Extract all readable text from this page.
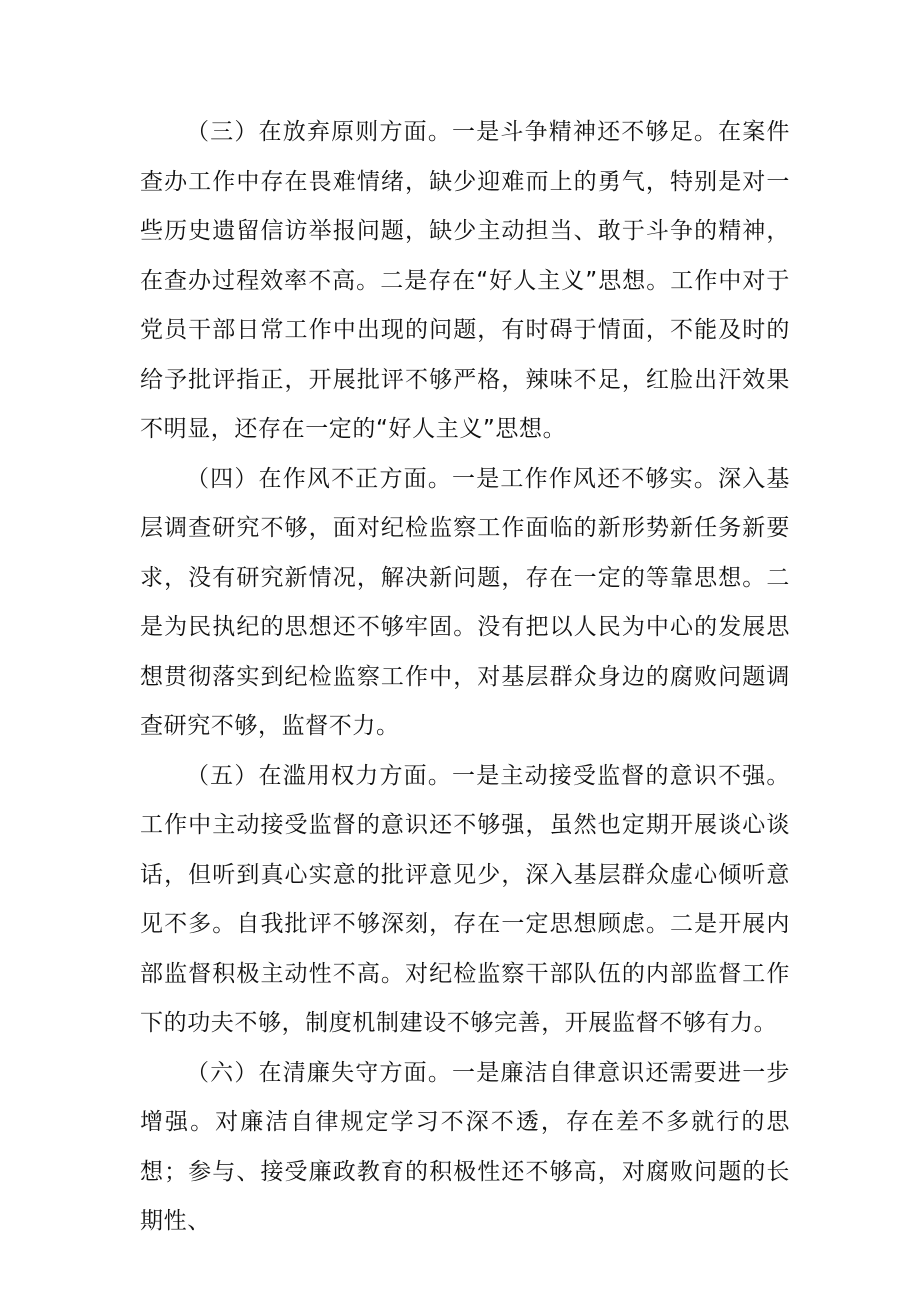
（三）在放弃原则方面。一是斗争精神还不够足。在案件查办工作中存在畏难情绪，缺少迎难而上的勇气，特别是对一些历史遗留信访举报问题，缺少主动担当、敢于斗争的精神，在查办过程效率不高。二是存在“好人主义”思想。工作中对于党员干部日常工作中出现的问题，有时碍于情面，不能及时的给予批评指正，开展批评不够严格，辣味不足，红脸出汗效果不明显，还存在一定的“好人主义”思想。

（四）在作风不正方面。一是工作作风还不够实。深入基层调查研究不够，面对纪检监察工作面临的新形势新任务新要求，没有研究新情况，解决新问题，存在一定的等靠思想。二是为民执纪的思想还不够牢固。没有把以人民为中心的发展思想贯彻落实到纪检监察工作中，对基层群众身边的腐败问题调查研究不够，监督不力。

（五）在滥用权力方面。一是主动接受监督的意识不强。工作中主动接受监督的意识还不够强，虽然也定期开展谈心谈话，但听到真心实意的批评意见少，深入基层群众虚心倾听意见不多。自我批评不够深刻，存在一定思想顾虑。二是开展内部监督积极主动性不高。对纪检监察干部队伍的内部监督工作下的功夫不够，制度机制建设不够完善，开展监督不够有力。

（六）在清廉失守方面。一是廉洁自律意识还需要进一步增强。对廉洁自律规定学习不深不透，存在差不多就行的思想；参与、接受廉政教育的积极性还不够高，对腐败问题的长期性、
